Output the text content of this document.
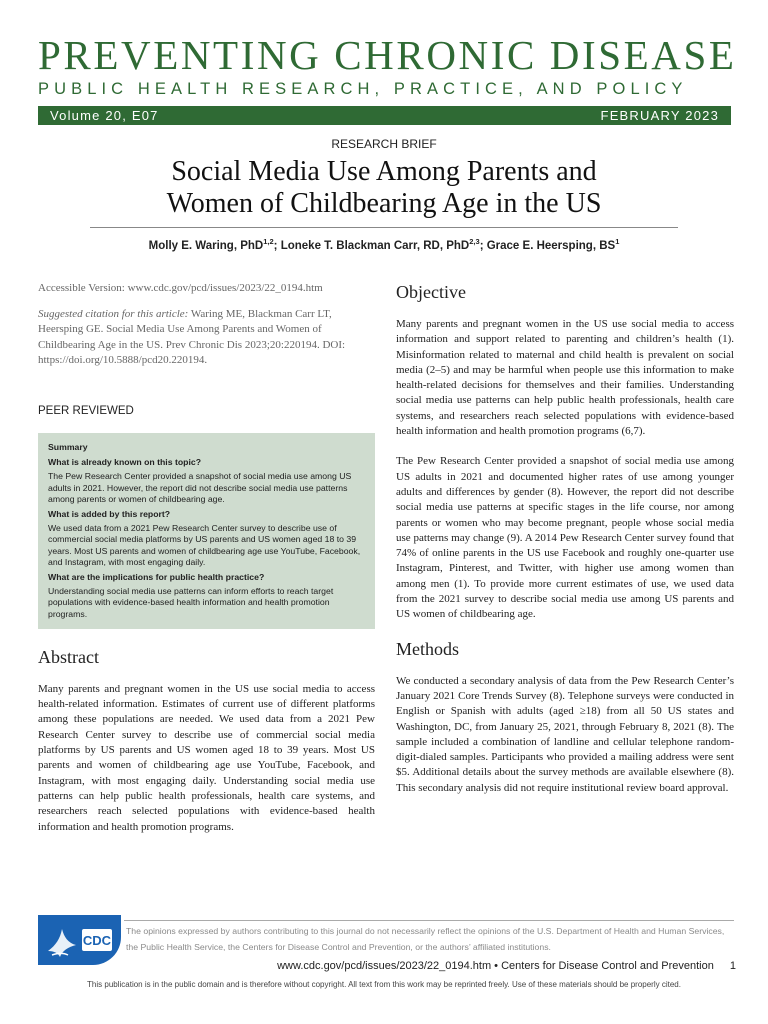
PREVENTING CHRONIC DISEASE
PUBLIC HEALTH RESEARCH, PRACTICE, AND POLICY
Volume 20, E07	FEBRUARY 2023
RESEARCH BRIEF
Social Media Use Among Parents and
Women of Childbearing Age in the US
Molly E. Waring, PhD$^{1,2}$; Loneke T. Blackman Carr, RD, PhD$^{2,3}$; Grace E. Heersping, $BS^1$
Accessible Version: www.cdc.gov/pcd/issues/2023/22_0194.htm
Suggested citation for this article: Waring ME, Blackman Carr LT, Heersping GE. Social Media Use Among Parents and Women of Childbearing Age in the US. Prev Chronic Dis 2023;20:220194. DOI: https://doi.org/10.5888/pcd20.220194.
PEER REVIEWED
Summary
What is already known on this topic?
The Pew Research Center provided a snapshot of social media use among US adults in 2021. However, the report did not describe social media use patterns among parents or women of childbearing age.
What is added by this report?
We used data from a 2021 Pew Research Center survey to describe use of commercial social media platforms by US parents and US women aged 18 to 39 years. Most US parents and women of childbearing age use YouTube, Facebook, and Instagram, with most engaging daily.
What are the implications for public health practice?
Understanding social media use patterns can inform efforts to reach target populations with evidence-based health information and health promotion programs.
Abstract
Many parents and pregnant women in the US use social media to access health-related information. Estimates of current use of different platforms among these populations are needed. We used data from a 2021 Pew Research Center survey to describe use of commercial social media platforms by US parents and US women aged 18 to 39 years. Most US parents and women of childbearing age use YouTube, Facebook, and Instagram, with most engaging daily. Understanding social media use patterns can help public health professionals, health care systems, and researchers reach selected populations with evidence-based health information and health promotion programs.
Objective
Many parents and pregnant women in the US use social media to access information and support related to parenting and children’s health (1). Misinformation related to maternal and child health is prevalent on social media (2–5) and may be harmful when people use this information to make health-related decisions for themselves and their families. Understanding social media use patterns can help public health professionals, health care systems, and researchers reach selected populations with evidence-based health information and health promotion programs (6,7).
The Pew Research Center provided a snapshot of social media use among US adults in 2021 and documented higher rates of use among younger adults and differences by gender (8). However, the report did not describe social media use patterns at specific stages in the life course, nor among parents or women who may become pregnant, people whose social media use patterns may change (9). A 2014 Pew Research Center survey found that 74% of online parents in the US use Facebook and roughly one-quarter use Instagram, Pinterest, and Twitter, with higher use among women than among men (1). To provide more current estimates of use, we used data from the 2021 survey to describe social media use among US parents and US women of childbearing age.
Methods
We conducted a secondary analysis of data from the Pew Research Center’s January 2021 Core Trends Survey (8). Telephone surveys were conducted in English or Spanish with adults (aged ≥18) from all 50 US states and Washington, DC, from January 25, 2021, through February 8, 2021 (8). The sample included a combination of landline and cellular telephone random-digit-dialed samples. Participants who provided a mailing address were sent $5. Additional details about the survey methods are available elsewhere (8). This secondary analysis did not require institutional review board approval.
CDC
The opinions expressed by authors contributing to this journal do not necessarily reflect the opinions of the U.S. Department of Health and Human Services, the Public Health Service, the Centers for Disease Control and Prevention, or the authors’ affiliated institutions.
www.cdc.gov/pcd/issues/2023/22_0194.htm • Centers for Disease Control and Prevention 1
This publication is in the public domain and is therefore without copyright. All text from this work may be reprinted freely. Use of these materials should be properly cited.
